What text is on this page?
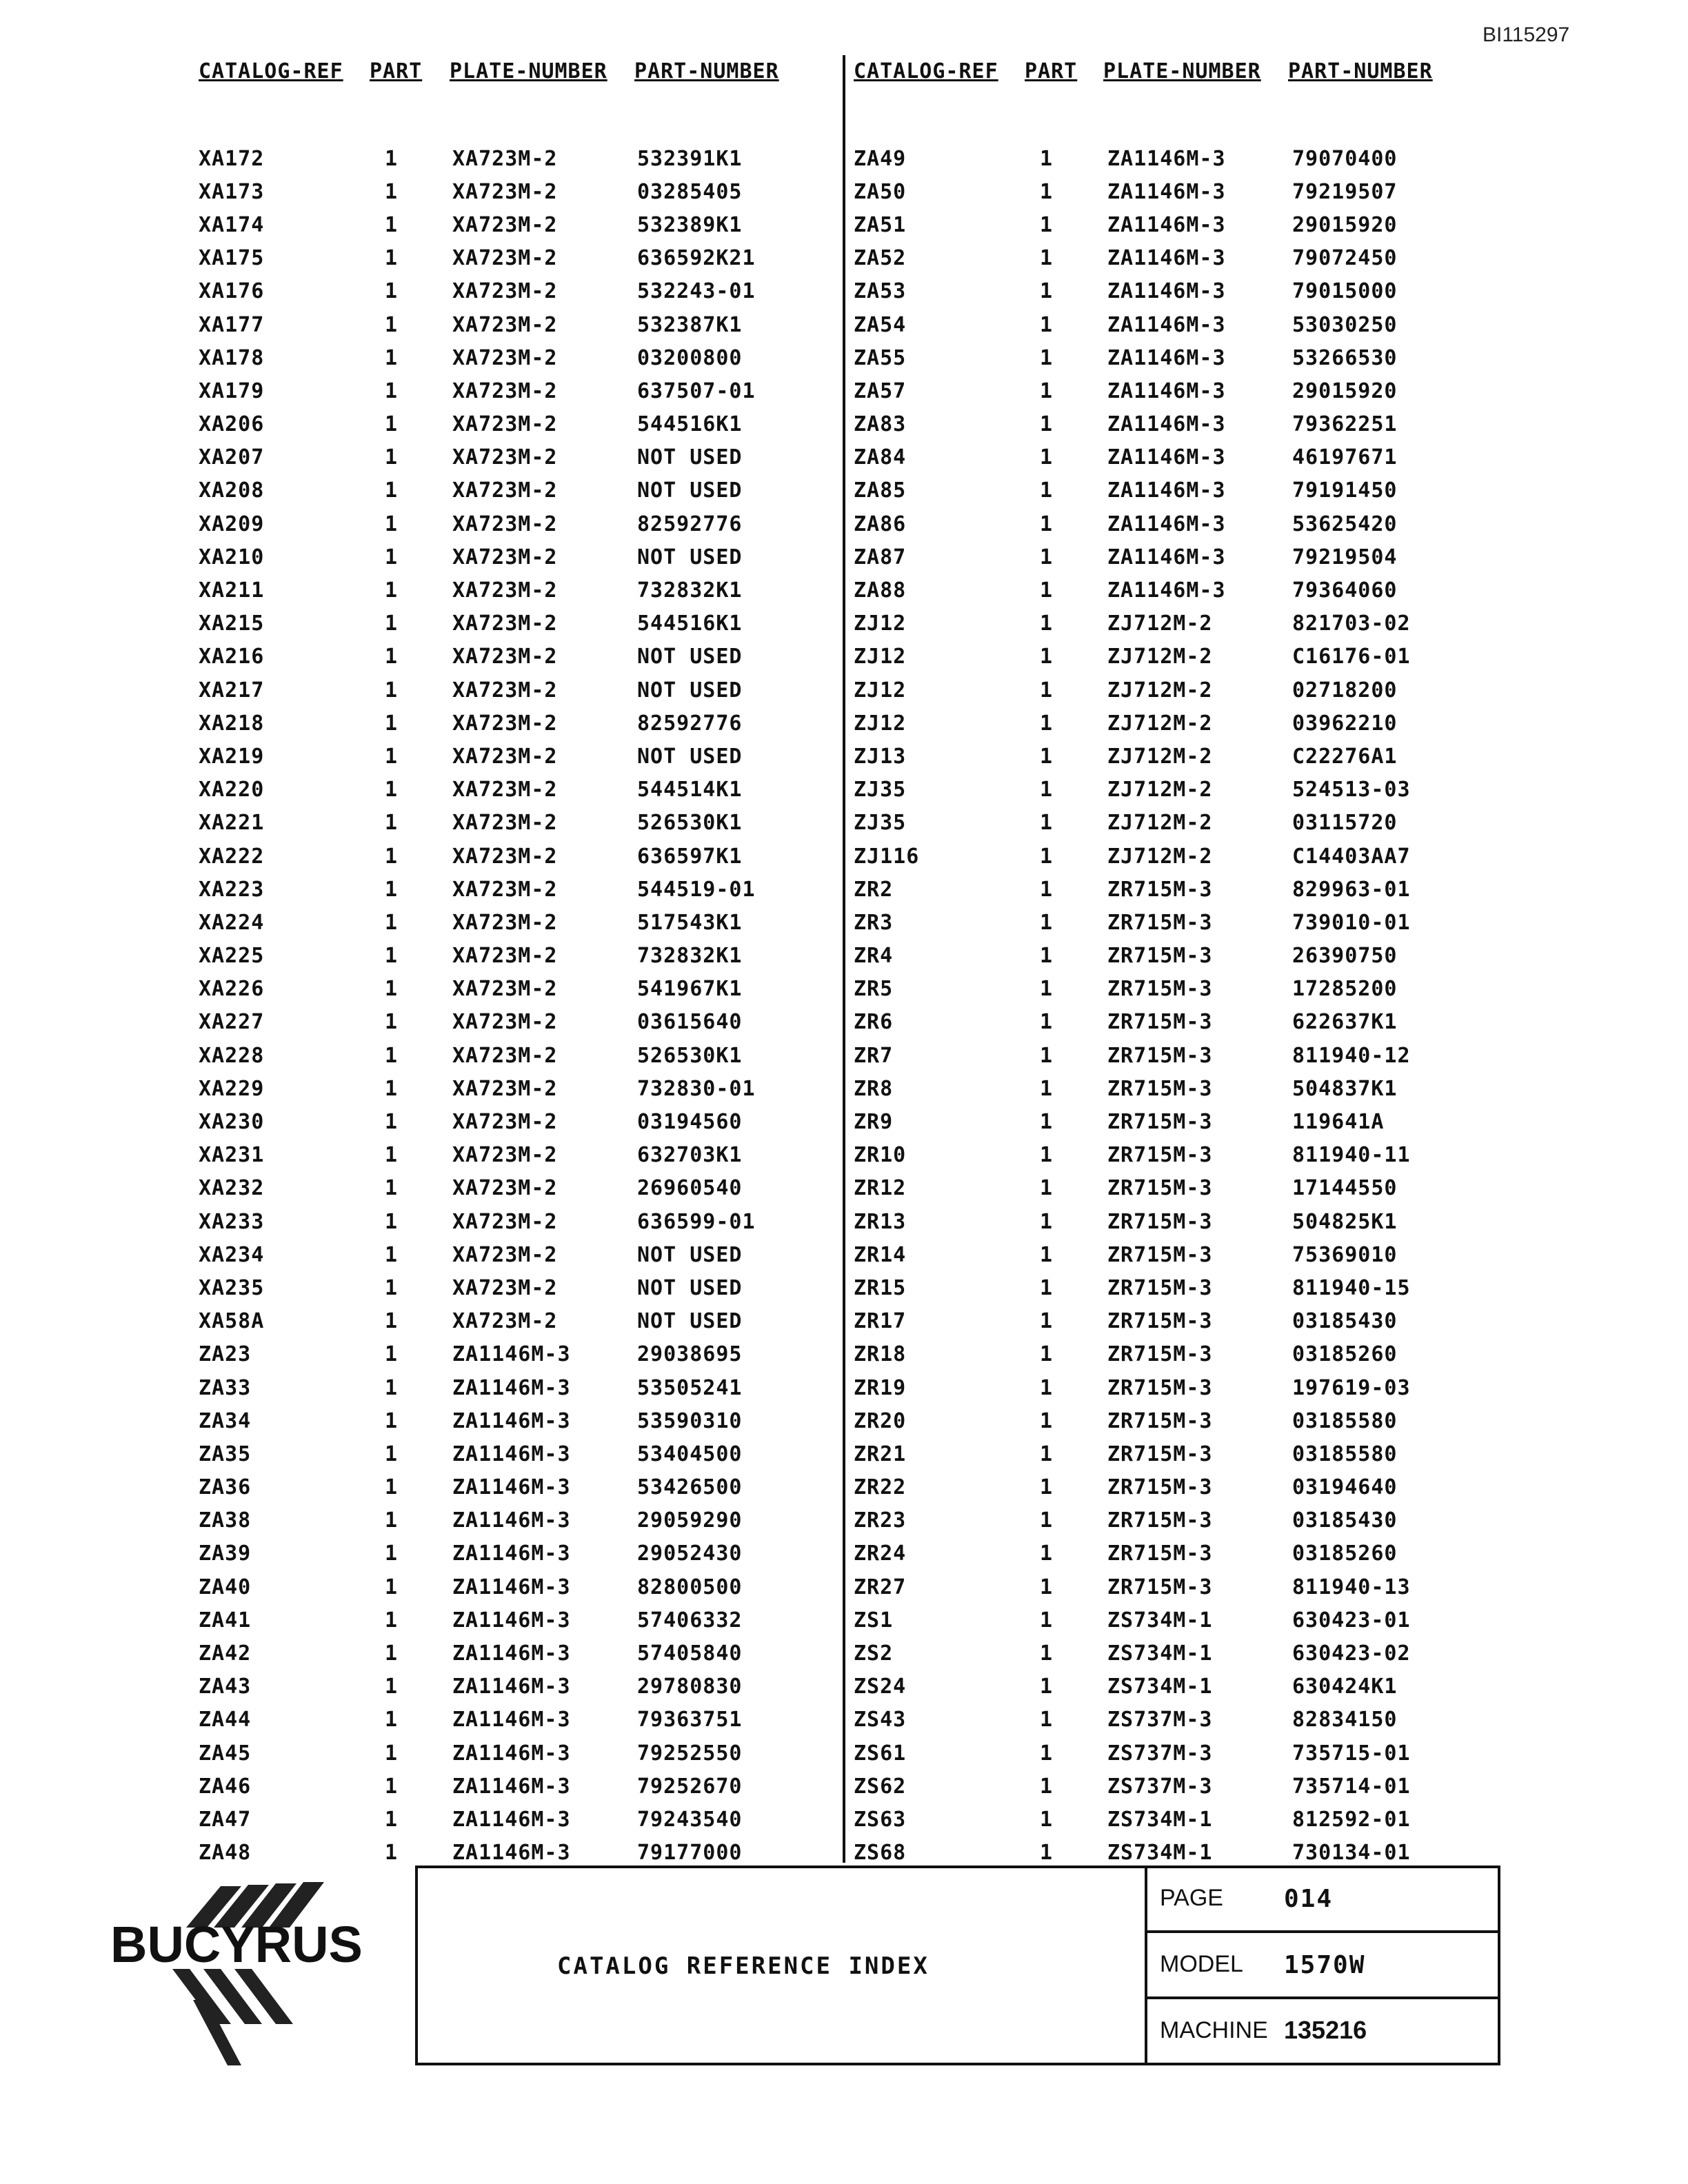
BI115297
CATALOG-REF PART PLATE-NUMBER PART-NUMBER	CATALOG-REF PART PLATE-NUMBER PART-NUMBER
XA172	1	XA723M-2	532391K1
XA173	1	XA723M-2	03285405
XA174	1	XA723M-2	532389K1
XA175	1	XA723M-2	636592K21
XA176	1	XA723M-2	532243-01
XA177	1	XA723M-2	532387K1
XA178	1	XA723M-2	03200800
XA179	1	XA723M-2	637507-01
XA206	1	XA723M-2	544516K1
XA207	1	XA723M-2	NOT USED
XA208	1	XA723M-2	NOT USED
XA209	1	XA723M-2	82592776
XA210	1	XA723M-2	NOT USED
XA211	1	XA723M-2	732832K1
XA215	1	XA723M-2	544516K1
XA216	1	XA723M-2	NOT USED
XA217	1	XA723M-2	NOT USED
XA218	1	XA723M-2	82592776
XA219	1	XA723M-2	NOT USED
XA220	1	XA723M-2	544514K1
XA221	1	XA723M-2	526530K1
XA222	1	XA723M-2	636597K1
XA223	1	XA723M-2	544519-01
XA224	1	XA723M-2	517543K1
XA225	1	XA723M-2	732832K1
XA226	1	XA723M-2	541967K1
XA227	1	XA723M-2	03615640
XA228	1	XA723M-2	526530K1
XA229	1	XA723M-2	732830-01
XA230	1	XA723M-2	03194560
XA231	1	XA723M-2	632703K1
XA232	1	XA723M-2	26960540
XA233	1	XA723M-2	636599-01
XA234	1	XA723M-2	NOT USED
XA235	1	XA723M-2	NOT USED
XA58A	1	XA723M-2	NOT USED
ZA23	1	ZA1146M-3	29038695
ZA33	1	ZA1146M-3	53505241
ZA34	1	ZA1146M-3	53590310
ZA35	1	ZA1146M-3	53404500
ZA36	1	ZA1146M-3	53426500
ZA38	1	ZA1146M-3	29059290
ZA39	1	ZA1146M-3	29052430
ZA40	1	ZA1146M-3	82800500
ZA41	1	ZA1146M-3	57406332
ZA42	1	ZA1146M-3	57405840
ZA43	1	ZA1146M-3	29780830
ZA44	1	ZA1146M-3	79363751
ZA45	1	ZA1146M-3	79252550
ZA46	1	ZA1146M-3	79252670
ZA47	1	ZA1146M-3	79243540
ZA48	1	ZA1146M-3	79177000
ZA49	1	ZA1146M-3	79070400
ZA50	1	ZA1146M-3	79219507
ZA51	1	ZA1146M-3	29015920
ZA52	1	ZA1146M-3	79072450
ZA53	1	ZA1146M-3	79015000
ZA54	1	ZA1146M-3	53030250
ZA55	1	ZA1146M-3	53266530
ZA57	1	ZA1146M-3	29015920
ZA83	1	ZA1146M-3	79362251
ZA84	1	ZA1146M-3	46197671
ZA85	1	ZA1146M-3	79191450
ZA86	1	ZA1146M-3	53625420
ZA87	1	ZA1146M-3	79219504
ZA88	1	ZA1146M-3	79364060
ZJ12	1	ZJ712M-2	821703-02
ZJ12	1	ZJ712M-2	C16176-01
ZJ12	1	ZJ712M-2	02718200
ZJ12	1	ZJ712M-2	03962210
ZJ13	1	ZJ712M-2	C22276A1
ZJ35	1	ZJ712M-2	524513-03
ZJ35	1	ZJ712M-2	03115720
ZJ116	1	ZJ712M-2	C14403AA7
ZR2	1	ZR715M-3	829963-01
ZR3	1	ZR715M-3	739010-01
ZR4	1	ZR715M-3	26390750
ZR5	1	ZR715M-3	17285200
ZR6	1	ZR715M-3	622637K1
ZR7	1	ZR715M-3	811940-12
ZR8	1	ZR715M-3	504837K1
ZR9	1	ZR715M-3	119641A
ZR10	1	ZR715M-3	811940-11
ZR12	1	ZR715M-3	17144550
ZR13	1	ZR715M-3	504825K1
ZR14	1	ZR715M-3	75369010
ZR15	1	ZR715M-3	811940-15
ZR17	1	ZR715M-3	03185430
ZR18	1	ZR715M-3	03185260
ZR19	1	ZR715M-3	197619-03
ZR20	1	ZR715M-3	03185580
ZR21	1	ZR715M-3	03185580
ZR22	1	ZR715M-3	03194640
ZR23	1	ZR715M-3	03185430
ZR24	1	ZR715M-3	03185260
ZR27	1	ZR715M-3	811940-13
ZS1	1	ZS734M-1	630423-01
ZS2	1	ZS734M-1	630423-02
ZS24	1	ZS734M-1	630424K1
ZS43	1	ZS737M-3	82834150
ZS61	1	ZS737M-3	735715-01
ZS62	1	ZS737M-3	735714-01
ZS63	1	ZS734M-1	812592-01
ZS68	1	ZS734M-1	730134-01
BUCYRUS	CATALOG REFERENCE INDEX
PAGE 014
MODEL 1570W
MACHINE 135216
